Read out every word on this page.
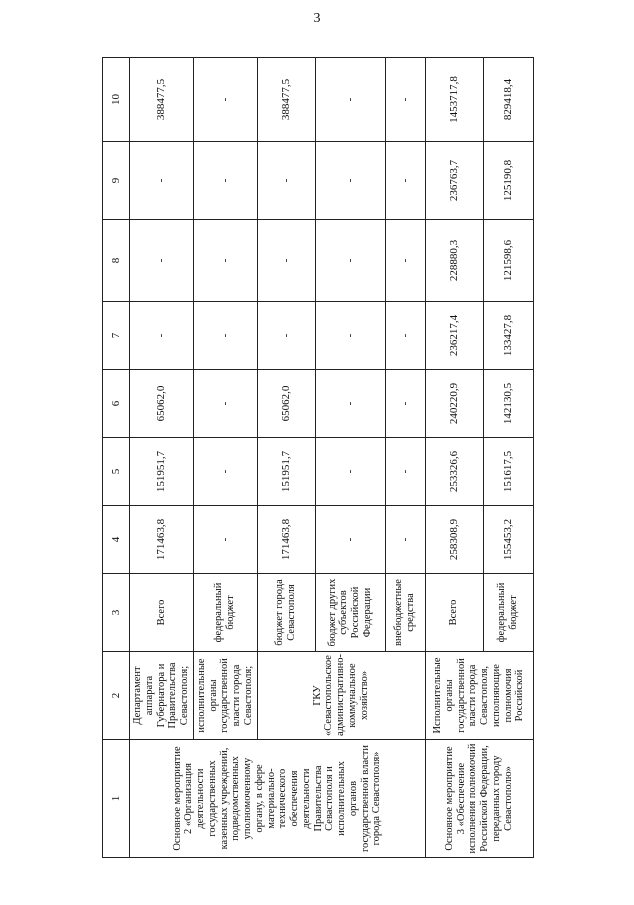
3
1	2	3	4	5	6	7	8	9	10
Основное мероприятие 2 «Организация деятельности государственных казенных учреждений, подведомственных уполномоченному органу, в сфере материально-технического обеспечения деятельности Правительства Севастополя и исполнительных органов государственной власти города Севастополя»	Департамент аппарата Губернатора и Правительства Севастополя;	Всего	171463,8	151951,7	65062,0	-	-	-	388477,5
	исполнительные органы государственной власти города Севастополя;	федеральный бюджет	-	-	-	-	-	-	-
	ГКУ «Севастопольское административно-коммунальное хозяйство»	бюджет города Севастополя	171463,8	151951,7	65062,0	-	-	-	388477,5
		бюджет других субъектов Российской Федерации	-	-	-	-	-	-	-
		внебюджетные средства	-	-	-	-	-	-	-
Основное мероприятие 3 «Обеспечение исполнения полномочий Российской Федерации, переданных городу Севастополю»	Исполнительные органы государственной власти города Севастополя, исполняющие полномочия Российской	Всего	258308,9	253326,6	240220,9	236217,4	228880,3	236763,7	1453717,8
		федеральный бюджет	155453,2	151617,5	142130,5	133427,8	121598,6	125190,8	829418,4
